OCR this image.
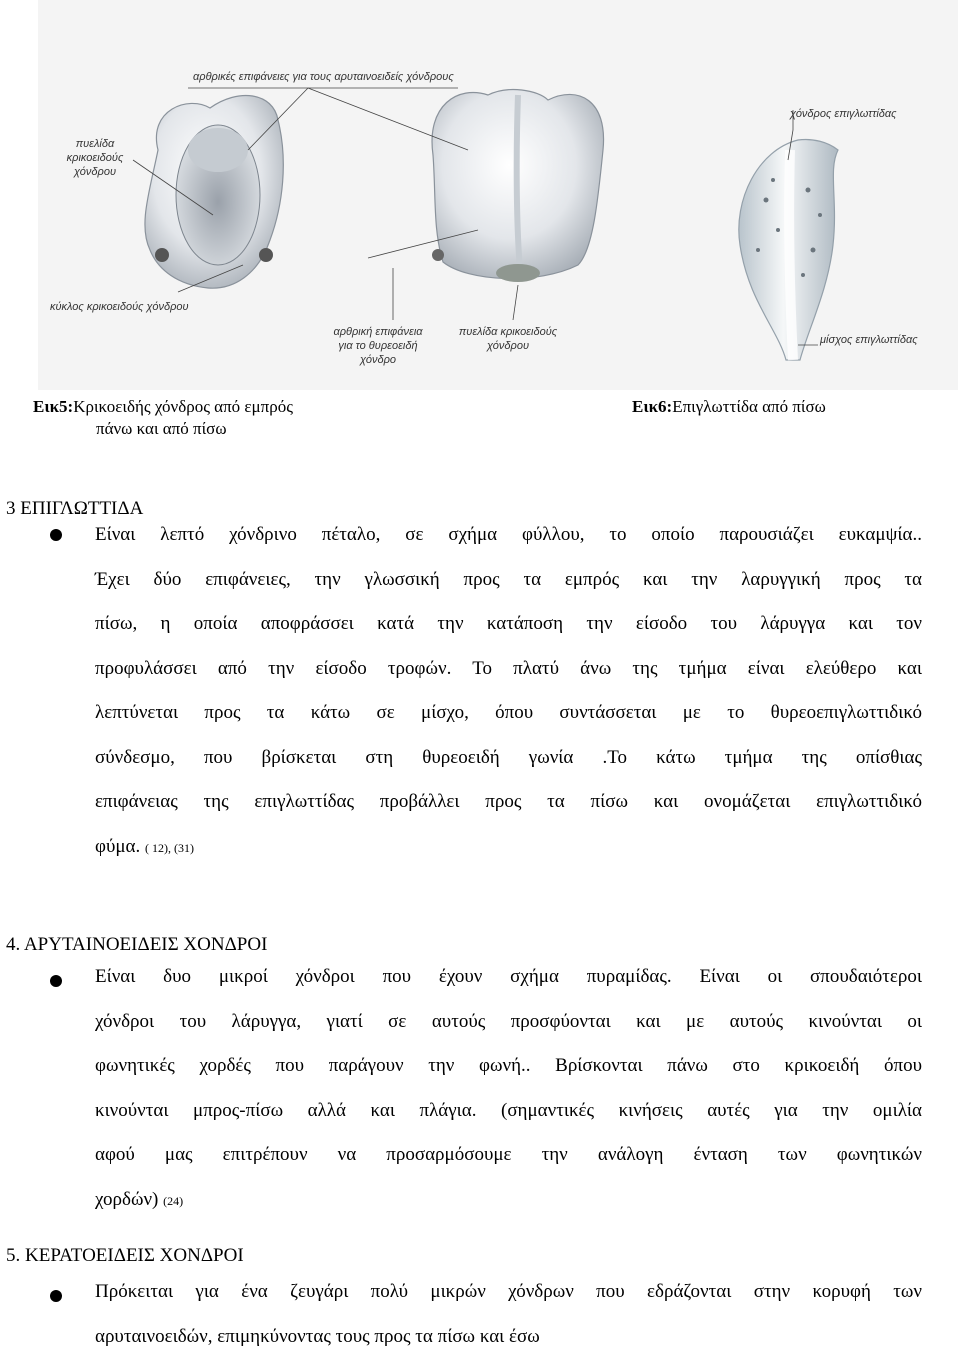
αρθρικές επιφάνειες για τους αρυταινοειδείς χόνδρους
πυελίδα
κρικοειδούς
χόνδρου
κύκλος κρικοειδούς χόνδρου
αρθρική επιφάνεια
για το θυρεοειδή
χόνδρο
πυελίδα κρικοειδούς
χόνδρου
χόνδρος επιγλωττίδας
μίσχος επιγλωττίδας
Εικ5:Κρικοειδής χόνδρος από εμπρός
πάνω και από πίσω
Εικ6:Επιγλωττίδα από πίσω
3 ΕΠΙΓΛΩΤΤΙΔΑ
Είναι λεπτό χόνδρινο πέταλο, σε σχήμα φύλλου, το οποίο παρουσιάζει ευκαμψία..
Έχει δύο επιφάνειες, την γλωσσική προς τα εμπρός και την λαρυγγική προς τα
πίσω, η οποία αποφράσσει κατά την κατάποση την είσοδο του λάρυγγα και τον
προφυλάσσει από την είσοδο τροφών. Το πλατύ άνω της τμήμα είναι ελεύθερο και
λεπτύνεται προς τα κάτω σε μίσχο, όπου συντάσσεται με το θυρεοεπιγλωττιδικό
σύνδεσμο, που βρίσκεται στη θυρεοειδή γωνία .Το κάτω τμήμα της οπίσθιας
επιφάνειας της επιγλωττίδας προβάλλει προς τα πίσω και ονομάζεται επιγλωττιδικό
φύμα. ( 12), (31)
4. ΑΡΥΤΑΙΝΟΕΙΔΕΙΣ ΧΟΝΔΡΟΙ
Είναι δυο μικροί χόνδροι που έχουν σχήμα πυραμίδας. Είναι οι σπουδαιότεροι
χόνδροι του λάρυγγα, γιατί σε αυτούς προσφύονται και με αυτούς κινούνται οι
φωνητικές χορδές που παράγουν την φωνή.. Βρίσκονται πάνω στο κρικοειδή όπου
κινούνται μπρος-πίσω αλλά και πλάγια. (σημαντικές κινήσεις αυτές για την ομιλία
αφού μας επιτρέπουν να προσαρμόσουμε την ανάλογη ένταση των φωνητικών
χορδών) (24)
5. ΚΕΡΑΤΟΕΙΔΕΙΣ ΧΟΝΔΡΟΙ
Πρόκειται για ένα ζευγάρι πολύ μικρών χόνδρων που εδράζονται στην κορυφή των
αρυταινοειδών, επιμηκύνοντας τους προς τα πίσω και έσω
